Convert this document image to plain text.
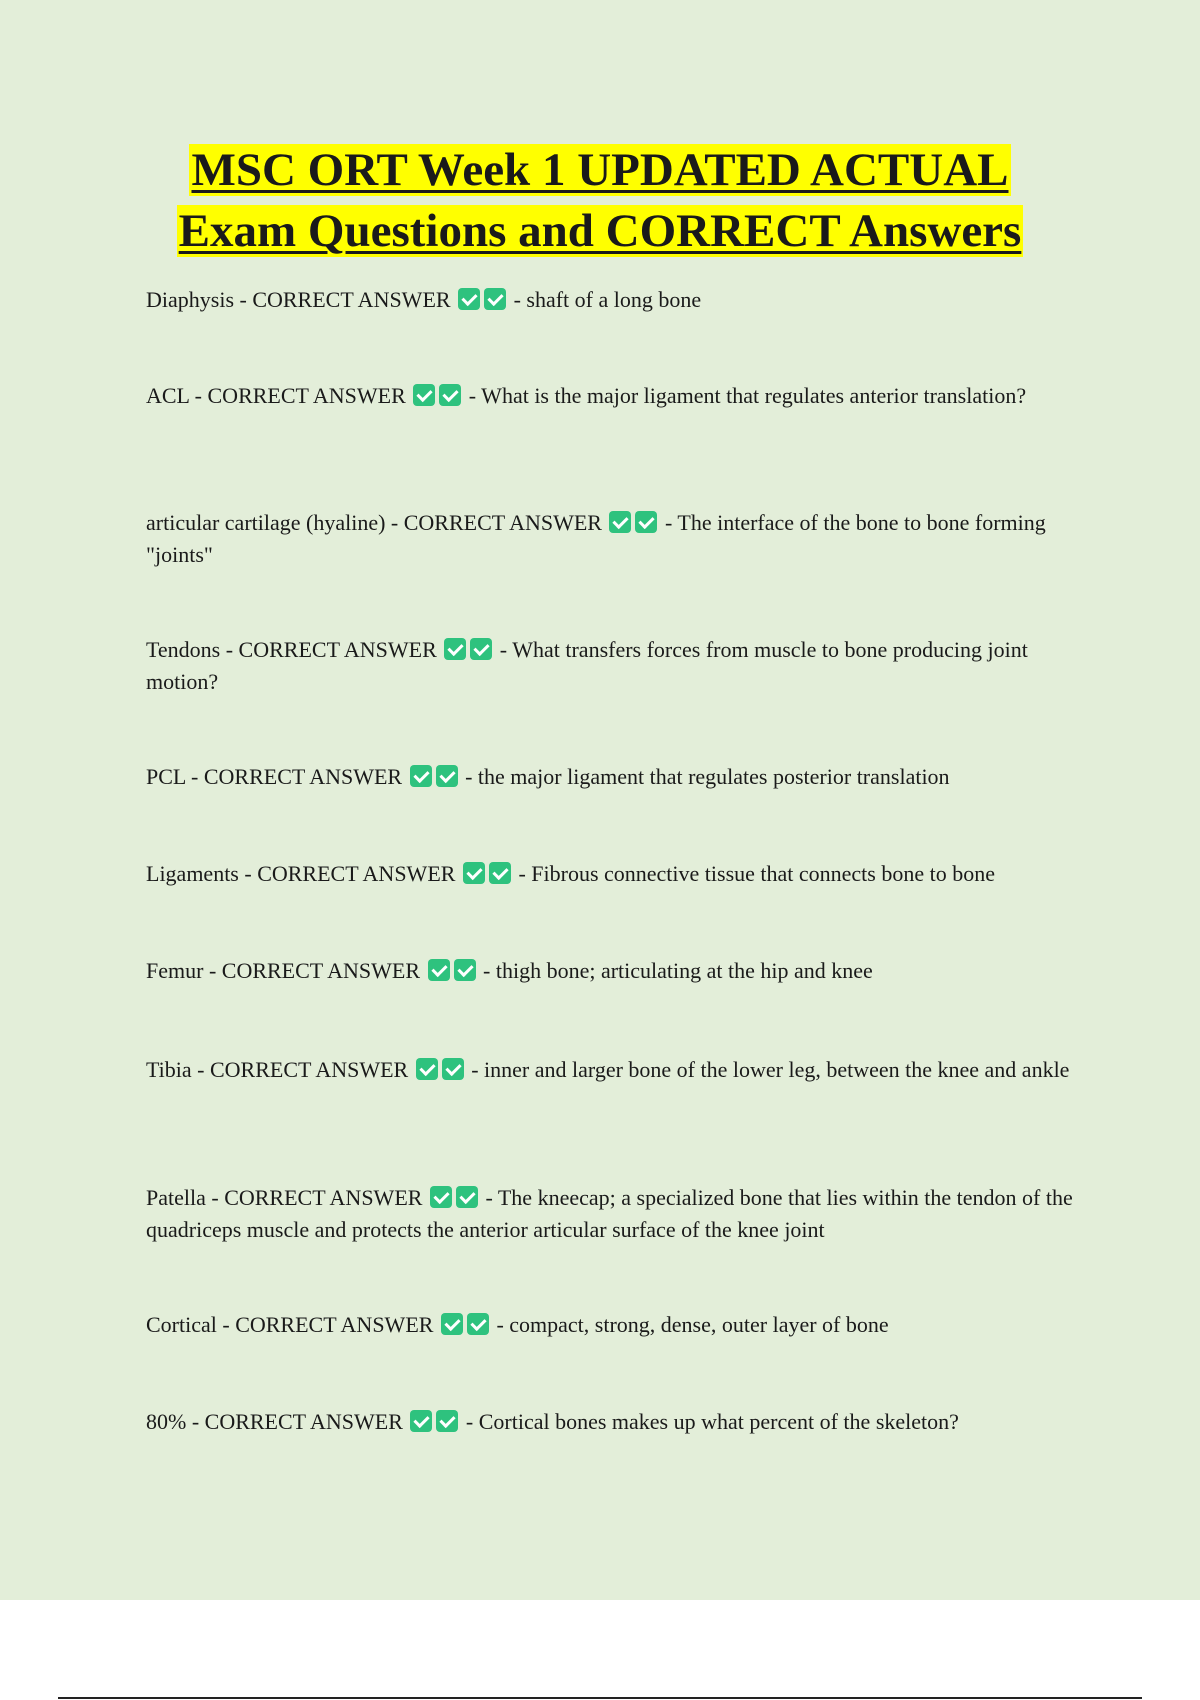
MSC ORT Week 1 UPDATED ACTUAL
Exam Questions and CORRECT Answers

Diaphysis - CORRECT ANSWER	- shaft of a long bone

ACL - CORRECT ANSWER	- What is the major ligament that regulates anterior translation?

articular cartilage (hyaline) - CORRECT ANSWER	- The interface of the bone to bone forming "joints"

Tendons - CORRECT ANSWER	- What transfers forces from muscle to bone producing joint motion?

PCL - CORRECT ANSWER	- the major ligament that regulates posterior translation

Ligaments - CORRECT ANSWER	- Fibrous connective tissue that connects bone to bone

Femur - CORRECT ANSWER	- thigh bone; articulating at the hip and knee

Tibia - CORRECT ANSWER	- inner and larger bone of the lower leg, between the knee and ankle

Patella - CORRECT ANSWER	- The kneecap; a specialized bone that lies within the tendon of the quadriceps muscle and protects the anterior articular surface of the knee joint

Cortical - CORRECT ANSWER	- compact, strong, dense, outer layer of bone

80% - CORRECT ANSWER	- Cortical bones makes up what percent of the skeleton?
